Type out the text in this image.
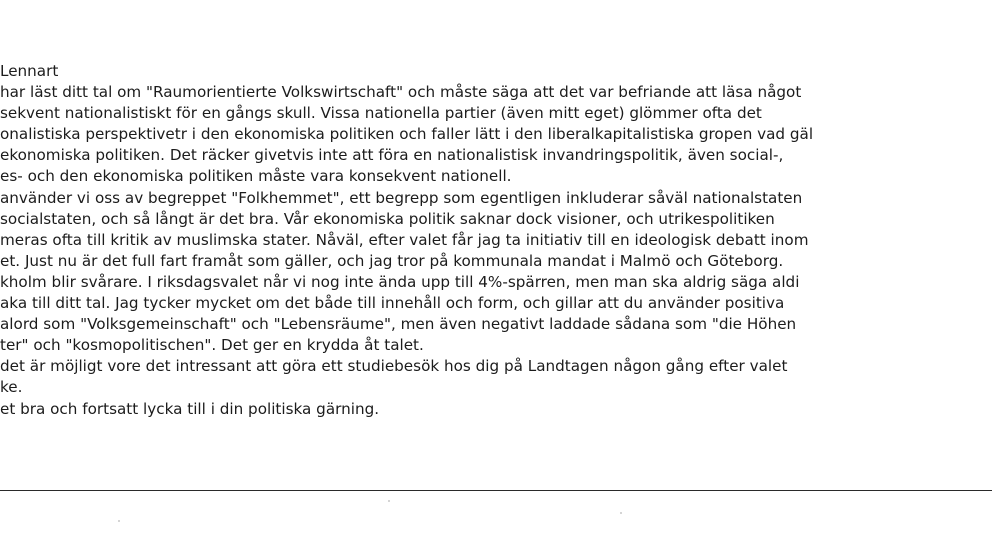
Lennart
har läst ditt tal om "Raumorientierte Volkswirtschaft" och måste säga att det var befriande att läsa något
sekvent nationalistiskt för en gångs skull. Vissa nationella partier (även mitt eget) glömmer ofta det
onalistiska perspektivetr i den ekonomiska politiken och faller lätt i den liberalkapitalistiska gropen vad gäl
ekonomiska politiken. Det räcker givetvis inte att föra en nationalistisk invandringspolitik, även social-,
es- och den ekonomiska politiken måste vara konsekvent nationell.
använder vi oss av begreppet "Folkhemmet", ett begrepp som egentligen inkluderar såväl nationalstaten
socialstaten, och så långt är det bra. Vår ekonomiska politik saknar dock visioner, och utrikespolitiken
meras ofta till kritik av muslimska stater. Nåväl, efter valet får jag ta initiativ till en ideologisk debatt inom
et. Just nu är det full fart framåt som gäller, och jag tror på kommunala mandat i Malmö och Göteborg.
kholm blir svårare. I riksdagsvalet når vi nog inte ända upp till 4%-spärren, men man ska aldrig säga aldi
aka till ditt tal. Jag tycker mycket om det både till innehåll och form, och gillar att du använder positiva
alord som "Volksgemeinschaft" och "Lebensräume", men även negativt laddade sådana som "die Höhen
ter" och "kosmopolitischen". Det ger en krydda åt talet.
det är möjligt vore det intressant att göra ett studiebesök hos dig på Landtagen någon gång efter valet
ke.
et bra och fortsatt lycka till i din politiska gärning.
